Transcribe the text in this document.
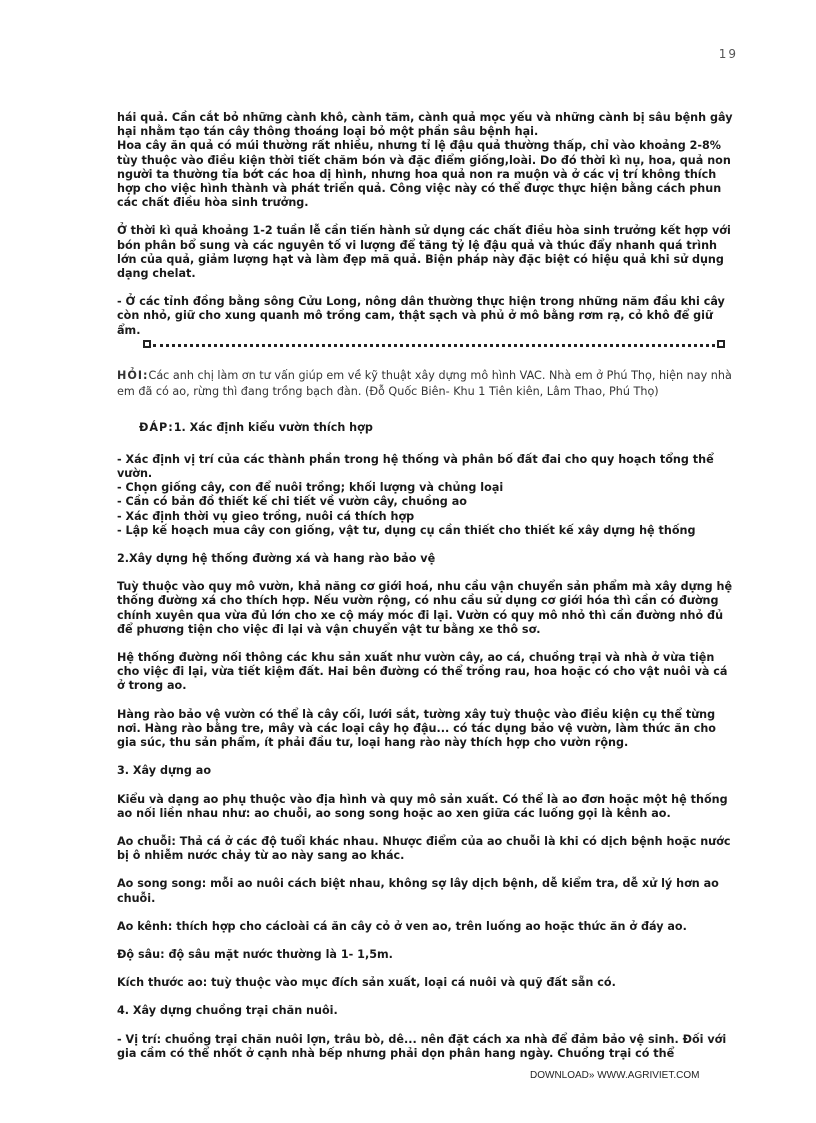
19

hái quả. Cần cắt bỏ những cành khô, cành tăm, cành quả mọc yếu và những cành bị sâu bệnh gây hại nhằm tạo tán cây thông thoáng loại bỏ một phần sâu bệnh hại.

Hoa cây ăn quả có múi thường rất nhiều, nhưng tỉ lệ đậu quả thường thấp, chỉ vào khoảng 2-8% tùy thuộc vào điều kiện thời tiết chăm bón và đặc điểm giống,loài. Do đó thời kì nụ, hoa, quả non người ta thường tỉa bớt các hoa dị hình, nhưng hoa quả non ra muộn và ở các vị trí không thích hợp cho việc hình thành và phát triển quả. Công việc này có thể được thực hiện bằng cách phun các chất điều hòa sinh trưởng.

Ở thời kì quả khoảng 1-2 tuần lễ cần tiến hành sử dụng các chất điều hòa sinh trưởng kết hợp với bón phân bổ sung và các nguyên tố vi lượng để tăng tỷ lệ đậu quả và thúc đẩy nhanh quá trình lớn của quả, giảm lượng hạt và làm đẹp mã quả. Biện pháp này đặc biệt có hiệu quả khi sử dụng dạng chelat.

- Ở các tỉnh đồng bằng sông Cửu Long, nông dân thường thực hiện trong những năm đầu khi cây còn nhỏ, giữ cho xung quanh mô trồng cam, thật sạch và phủ ở mô bằng rơm rạ, cỏ khô để giữ ẩm.

HỎI:Các anh chị làm ơn tư vấn giúp em về kỹ thuật xây dựng mô hình VAC. Nhà em ở Phú Thọ, hiện nay nhà em đã có ao, rừng thì đang trồng bạch đàn. (Đỗ Quốc Biên- Khu 1 Tiên kiên, Lâm Thao, Phú Thọ)

ĐÁP:1. Xác định kiểu vườn thích hợp

- Xác định vị trí của các thành phần trong hệ thống và phân bố đất đai cho quy hoạch tổng thể vườn.
- Chọn giống cây, con để nuôi trồng; khối lượng và chủng loại
- Cần có bản đồ thiết kế chi tiết về vườn cây, chuồng ao
- Xác định thời vụ gieo trồng, nuôi cá thích hợp
- Lập kế hoạch mua cây con giống, vật tư, dụng cụ cần thiết cho thiết kế xây dựng hệ thống

2.Xây dựng hệ thống đường xá và hang rào bảo vệ

Tuỳ thuộc vào quy mô vườn, khả năng cơ giới hoá, nhu cầu vận chuyển sản phẩm mà xây dựng hệ thống đường xá cho thích hợp. Nếu vườn rộng, có nhu cầu sử dụng cơ giới hóa thì cần có đường chính xuyên qua vừa đủ lớn cho xe cộ máy móc đi lại. Vườn có quy mô nhỏ thì cần đường nhỏ đủ để phương tiện cho việc đi lại và vận chuyển vật tư bằng xe thô sơ.

Hệ thống đường nối thông các khu sản xuất như vườn cây, ao cá, chuồng trại và nhà ở vừa tiện cho việc đi lại, vừa tiết kiệm đất. Hai bên đường có thể trồng rau, hoa hoặc có cho vật nuôi và cá ở trong ao.

Hàng rào bảo vệ vườn có thể là cây cối, lưới sắt, tường xây tuỳ thuộc vào điều kiện cụ thể từng nơi. Hàng rào bằng tre, mây và các loại cây họ đậu... có tác dụng bảo vệ vườn, làm thức ăn cho gia súc, thu sản phẩm, ít phải đầu tư, loại hang rào này thích hợp cho vườn rộng.

3. Xây dựng ao

Kiểu và dạng ao phụ thuộc vào địa hình và quy mô sản xuất. Có thể là ao đơn hoặc một hệ thống ao nối liền nhau như: ao chuỗi, ao song song hoặc ao xen giữa các luống gọi là kênh ao.

Ao chuỗi: Thả cá ở các độ tuổi khác nhau. Nhược điểm của ao chuỗi là khi có dịch bệnh hoặc nước bị ô nhiễm nước chảy từ ao này sang ao khác.

Ao song song: mỗi ao nuôi cách biệt nhau, không sợ lây dịch bệnh, dễ kiểm tra, dễ xử lý hơn ao chuỗi.

Ao kênh: thích hợp cho cácloài cá ăn cây cỏ ở ven ao, trên luống ao hoặc thức ăn ở đáy ao.

Độ sâu: độ sâu mặt nước thường là 1- 1,5m.

Kích thước ao: tuỳ thuộc vào mục đích sản xuất, loại cá nuôi và quỹ đất sẵn có.

4. Xây dựng chuồng trại chăn nuôi.

- Vị trí: chuồng trại chăn nuôi lợn, trâu bò, dê... nên đặt cách xa nhà để đảm bảo vệ sinh. Đối với gia cầm có thể nhốt ở cạnh nhà bếp nhưng phải dọn phân hang ngày. Chuồng trại có thể

DOWNLOAD» WWW.AGRIVIET.COM
